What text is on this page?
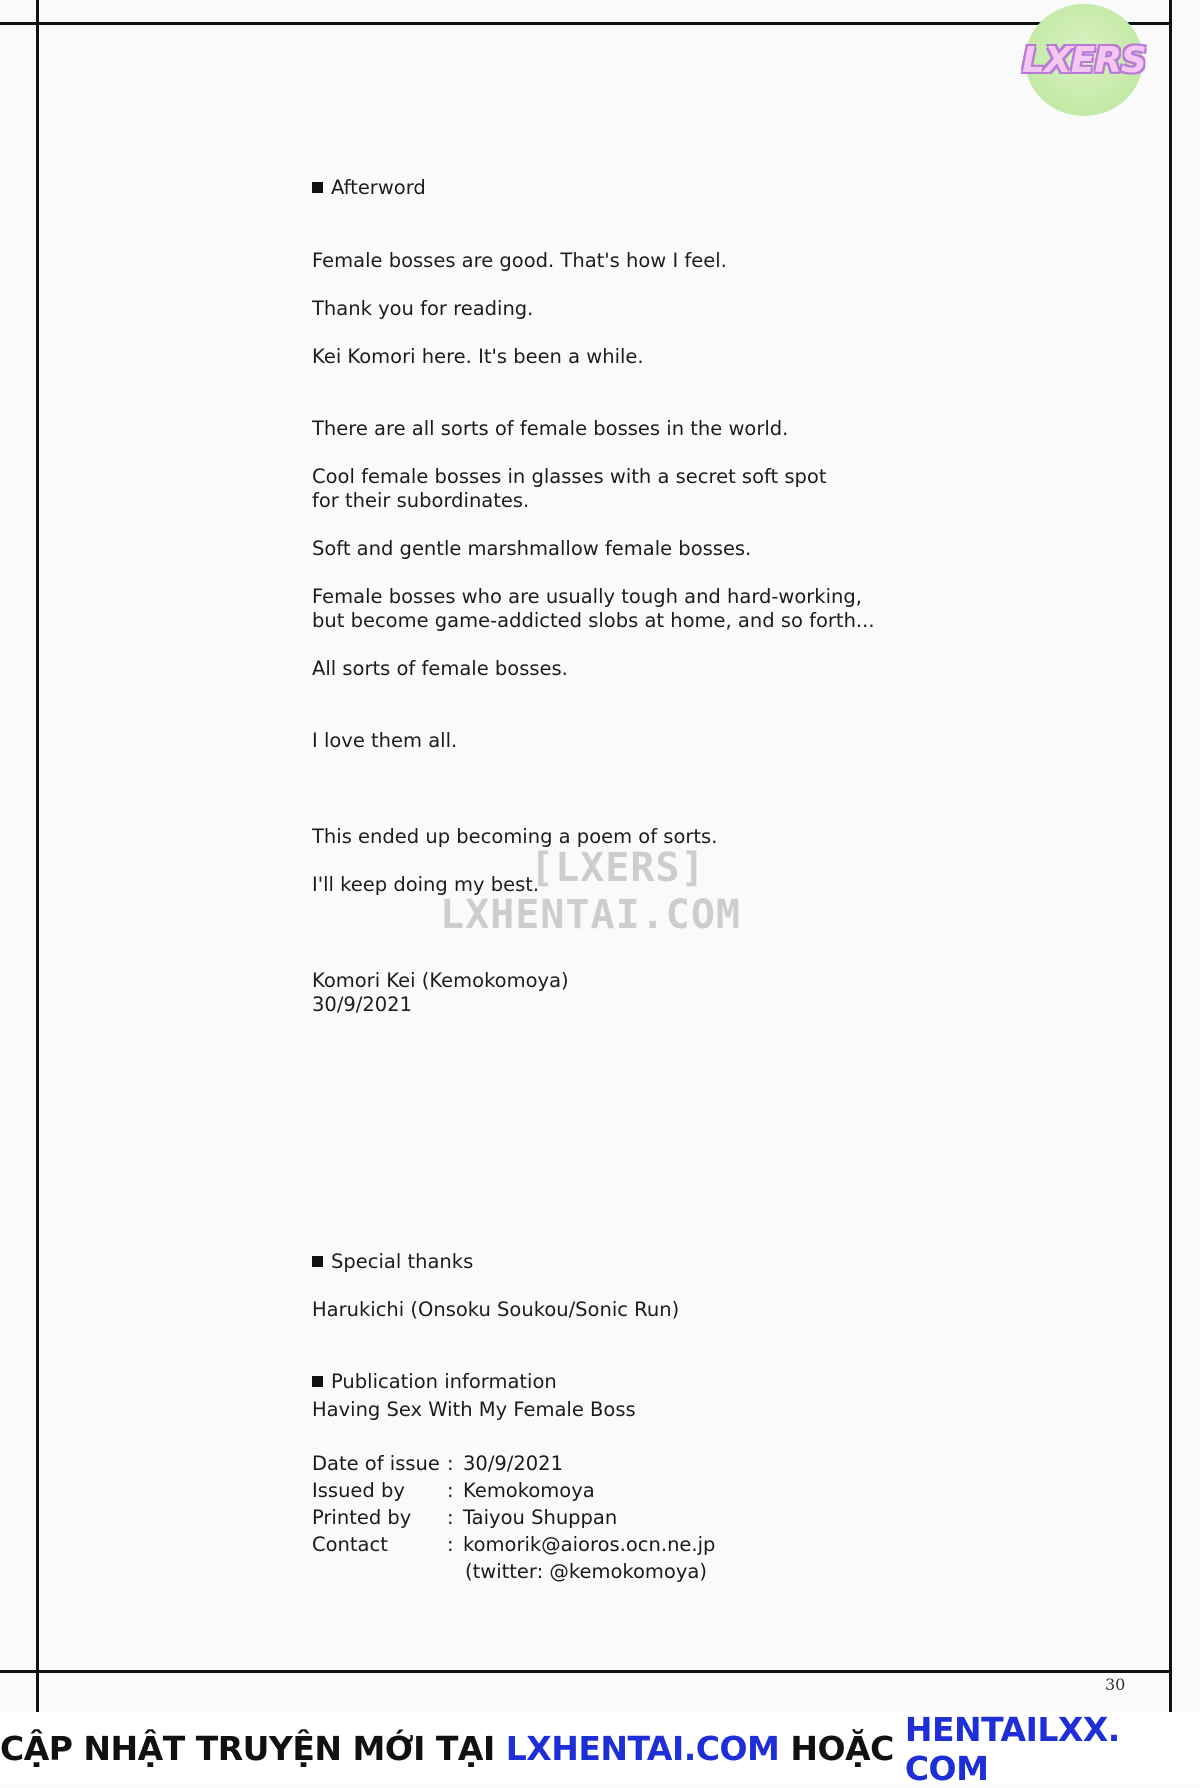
LXERS
Afterword
Female bosses are good. That's how I feel.
Thank you for reading.
Kei Komori here. It's been a while.
There are all sorts of female bosses in the world.
Cool female bosses in glasses with a secret soft spot
for their subordinates.
Soft and gentle marshmallow female bosses.
Female bosses who are usually tough and hard-working,
but become game-addicted slobs at home, and so forth...
All sorts of female bosses.
I love them all.
This ended up becoming a poem of sorts.
I'll keep doing my best.
Komori Kei (Kemokomoya)
30/9/2021
[LXERS]
LXHENTAI.COM
Special thanks
Harukichi (Onsoku Soukou/Sonic Run)
Publication information
Having Sex With My Female Boss
Date of issue : 30/9/2021
Issued by : Kemokomoya
Printed by : Taiyou Shuppan
Contact	: komorik@aioros.ocn.ne.jp
(twitter: @kemokomoya)
30
CẬP NHẬT TRUYỆN MỚI TẠI LXHENTAI.COM HOẶC HENTAILXX. COM
